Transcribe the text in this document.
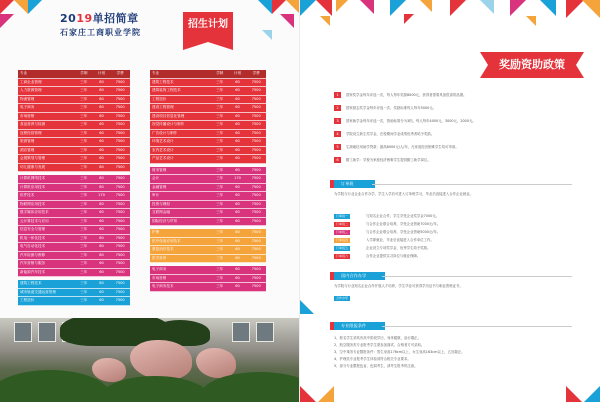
2019单招简章
石家庄工商职业学院
招生计划
专业	学制	计划	学费
工商企业管理	三年	80	7500
人力资源管理	三年	80	7500
物流管理	三年	80	7500
电子商务	三年	80	7500
市场营销	三年	80	7500
食品营养与检测	三年	60	7500
连锁经营管理	三年	60	7500
旅游管理	三年	60	7500
酒店管理	三年	60	7500
会展策划与管理	三年	60	7500
幼儿健康与发展	三年	80	7500
计算机网络技术	三年	80	7500
计算机应用技术	三年	80	7500
软件技术	三年	170	7500
物联网应用技术	三年	80	7500
数字媒体应用技术	三年	60	7500
云计算技术与应用	三年	60	7500
信息安全与管理	三年	60	7500
机电一体化技术	三年	80	7500
电气自动化技术	三年	80	7500
汽车检测与维修	三年	80	7500
汽车营销与服务	三年	60	7500
新能源汽车技术	三年	60	7500
建筑工程技术	三年	80	7500
城市轨道交通运营管理	三年	60	7500
工程造价	三年	60	7500
专业	学制	计划	学费
建筑工程技术	三年	60	7500
建筑装饰工程技术	三年	60	7500
工程造价	三年	60	7500
建设工程管理	三年	60	7500
建设项目信息化管理	三年	60	7500
视觉传播设计与制作	三年	60	7500
广告设计与制作	三年	60	7500
环境艺术设计	三年	60	7500
室内艺术设计	三年	60	7500
产品艺术设计	三年	60	7500
财务管理	三年	60	7500
会计	三年	170	7500
金融管理	三年	60	7500
审计	三年	60	7500
投资与理财	三年	60	7500
互联网金融	三年	60	7500
国际经济与贸易	三年	60	7500
护理	三年	80	7500
医疗设备应用技术	三年	60	7500
康复治疗技术	三年	60	7500
医学营养	三年	60	7500
电子商务	三年	60	7500
市场营销	三年	60	7500
电子商务技术	三年	60	7500
奖励资助政策
1	国家奖学金每年评选一次，每人每年奖励8000元，获得者需要具备很高的品德。
2	国家励志奖学金每年评选一次，奖励标准每人每年5000元。
3	国家助学金每年评选一次，资助标准分为3档，每人每年4000元、3000元、2000元。
4	学院设立新生奖学金，在校期间学业成绩优秀者给予奖励。
5	生源地信用助学贷款：最高8000元/人/年，凡家庭经济困难学生均可申请。
6	勤工助学：学校为家庭经济困难学生提供勤工助学岗位。
订单班
为学院与行业企业合作办学，学生入学后可进入订单班学习，毕业后直接进入合作企业就业。
订单班一	与知名企业合作，学生享受企业奖学金7000元。
订单班二	与合作企业联合培养，享受企业资助7000元/年。
订单班三	与合作企业联合培养，享受企业资助5000元/年。
订单班四	入学即就业，毕业后直接进入合作单位工作。
订单班五	企业设立专项奖学金，优秀学生给予奖励。
订单班六	合作企业提供实习岗位与就业保障。
国内合作办学
为学院与行业知名企业合作开展人才培养，学生毕业可获得学历证书与职业资格证书。
合作办学
专业限报条件
1、报名学生须具有高中阶段学历，身体健康，品行端正。
2、航空服务类专业报考学生需参加面试，合格者方可录取。
3、空中乘务专业限报条件：男生身高176cm以上，女生身高163cm以上，五官端正。
4、护理类专业报考学生体检须符合相关专业要求。
5、部分专业限报色盲、色弱考生，请考生报考时注意。
